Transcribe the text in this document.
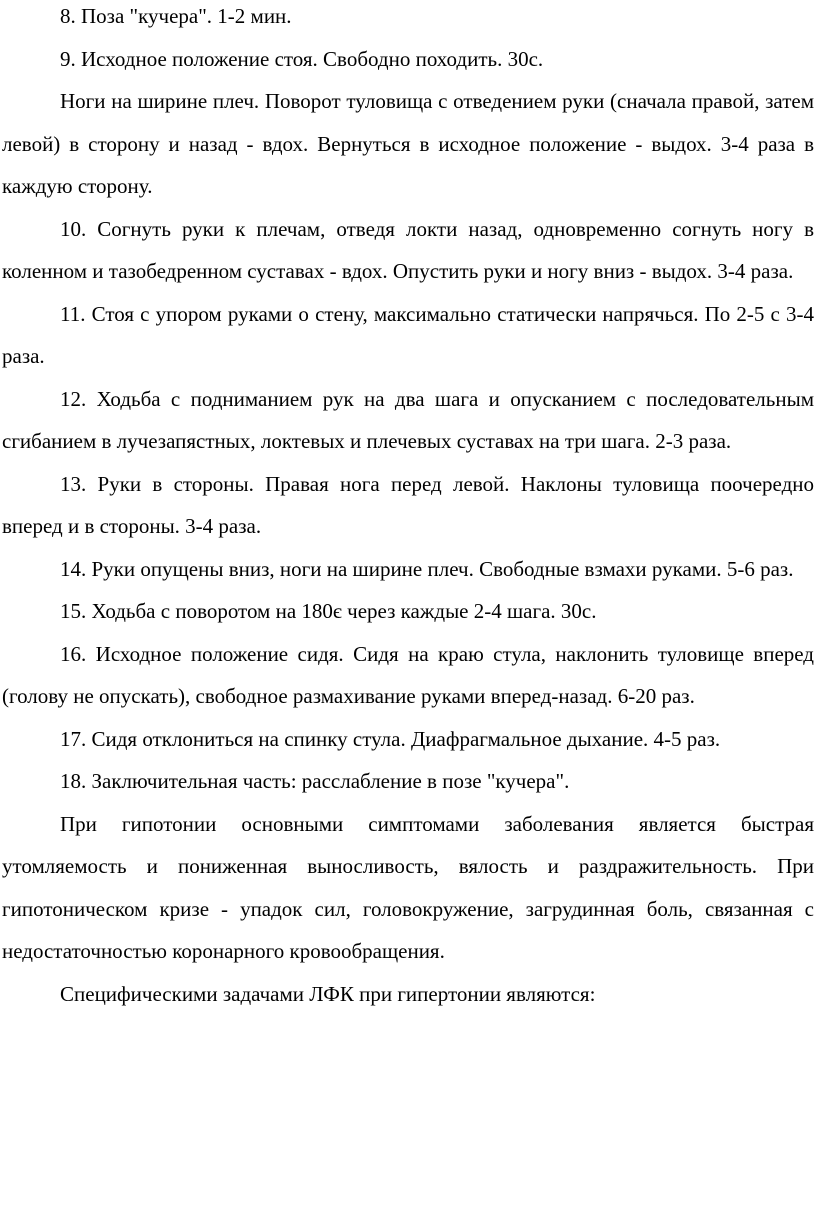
8. Поза "кучера". 1-2 мин.

9. Исходное положение стоя. Свободно походить. 30с.

Ноги на ширине плеч. Поворот туловища с отведением руки (сначала правой, затем левой) в сторону и назад - вдох. Вернуться в исходное положение - выдох. 3-4 раза в каждую сторону.

10. Согнуть руки к плечам, отведя локти назад, одновременно согнуть ногу в коленном и тазобедренном суставах - вдох. Опустить руки и ногу вниз - выдох. 3-4 раза.

11. Стоя с упором руками о стену, максимально статически напрячься. По 2-5 с 3-4 раза.

12. Ходьба с подниманием рук на два шага и опусканием с последовательным сгибанием в лучезапястных, локтевых и плечевых суставах на три шага. 2-3 раза.

13. Руки в стороны. Правая нога перед левой. Наклоны туловища поочередно вперед и в стороны. 3-4 раза.

14. Руки опущены вниз, ноги на ширине плеч. Свободные взмахи руками. 5-6 раз.

15. Ходьба с поворотом на 180є через каждые 2-4 шага. 30с.

16. Исходное положение сидя. Сидя на краю стула, наклонить туловище вперед (голову не опускать), свободное размахивание руками вперед-назад. 6-20 раз.

17. Сидя отклониться на спинку стула. Диафрагмальное дыхание. 4-5 раз.

18. Заключительная часть: расслабление в позе "кучера".

При гипотонии основными симптомами заболевания является быстрая утомляемость и пониженная выносливость, вялость и раздражительность. При гипотоническом кризе - упадок сил, головокружение, загрудинная боль, связанная с недостаточностью коронарного кровообращения.

Специфическими задачами ЛФК при гипертонии являются:
